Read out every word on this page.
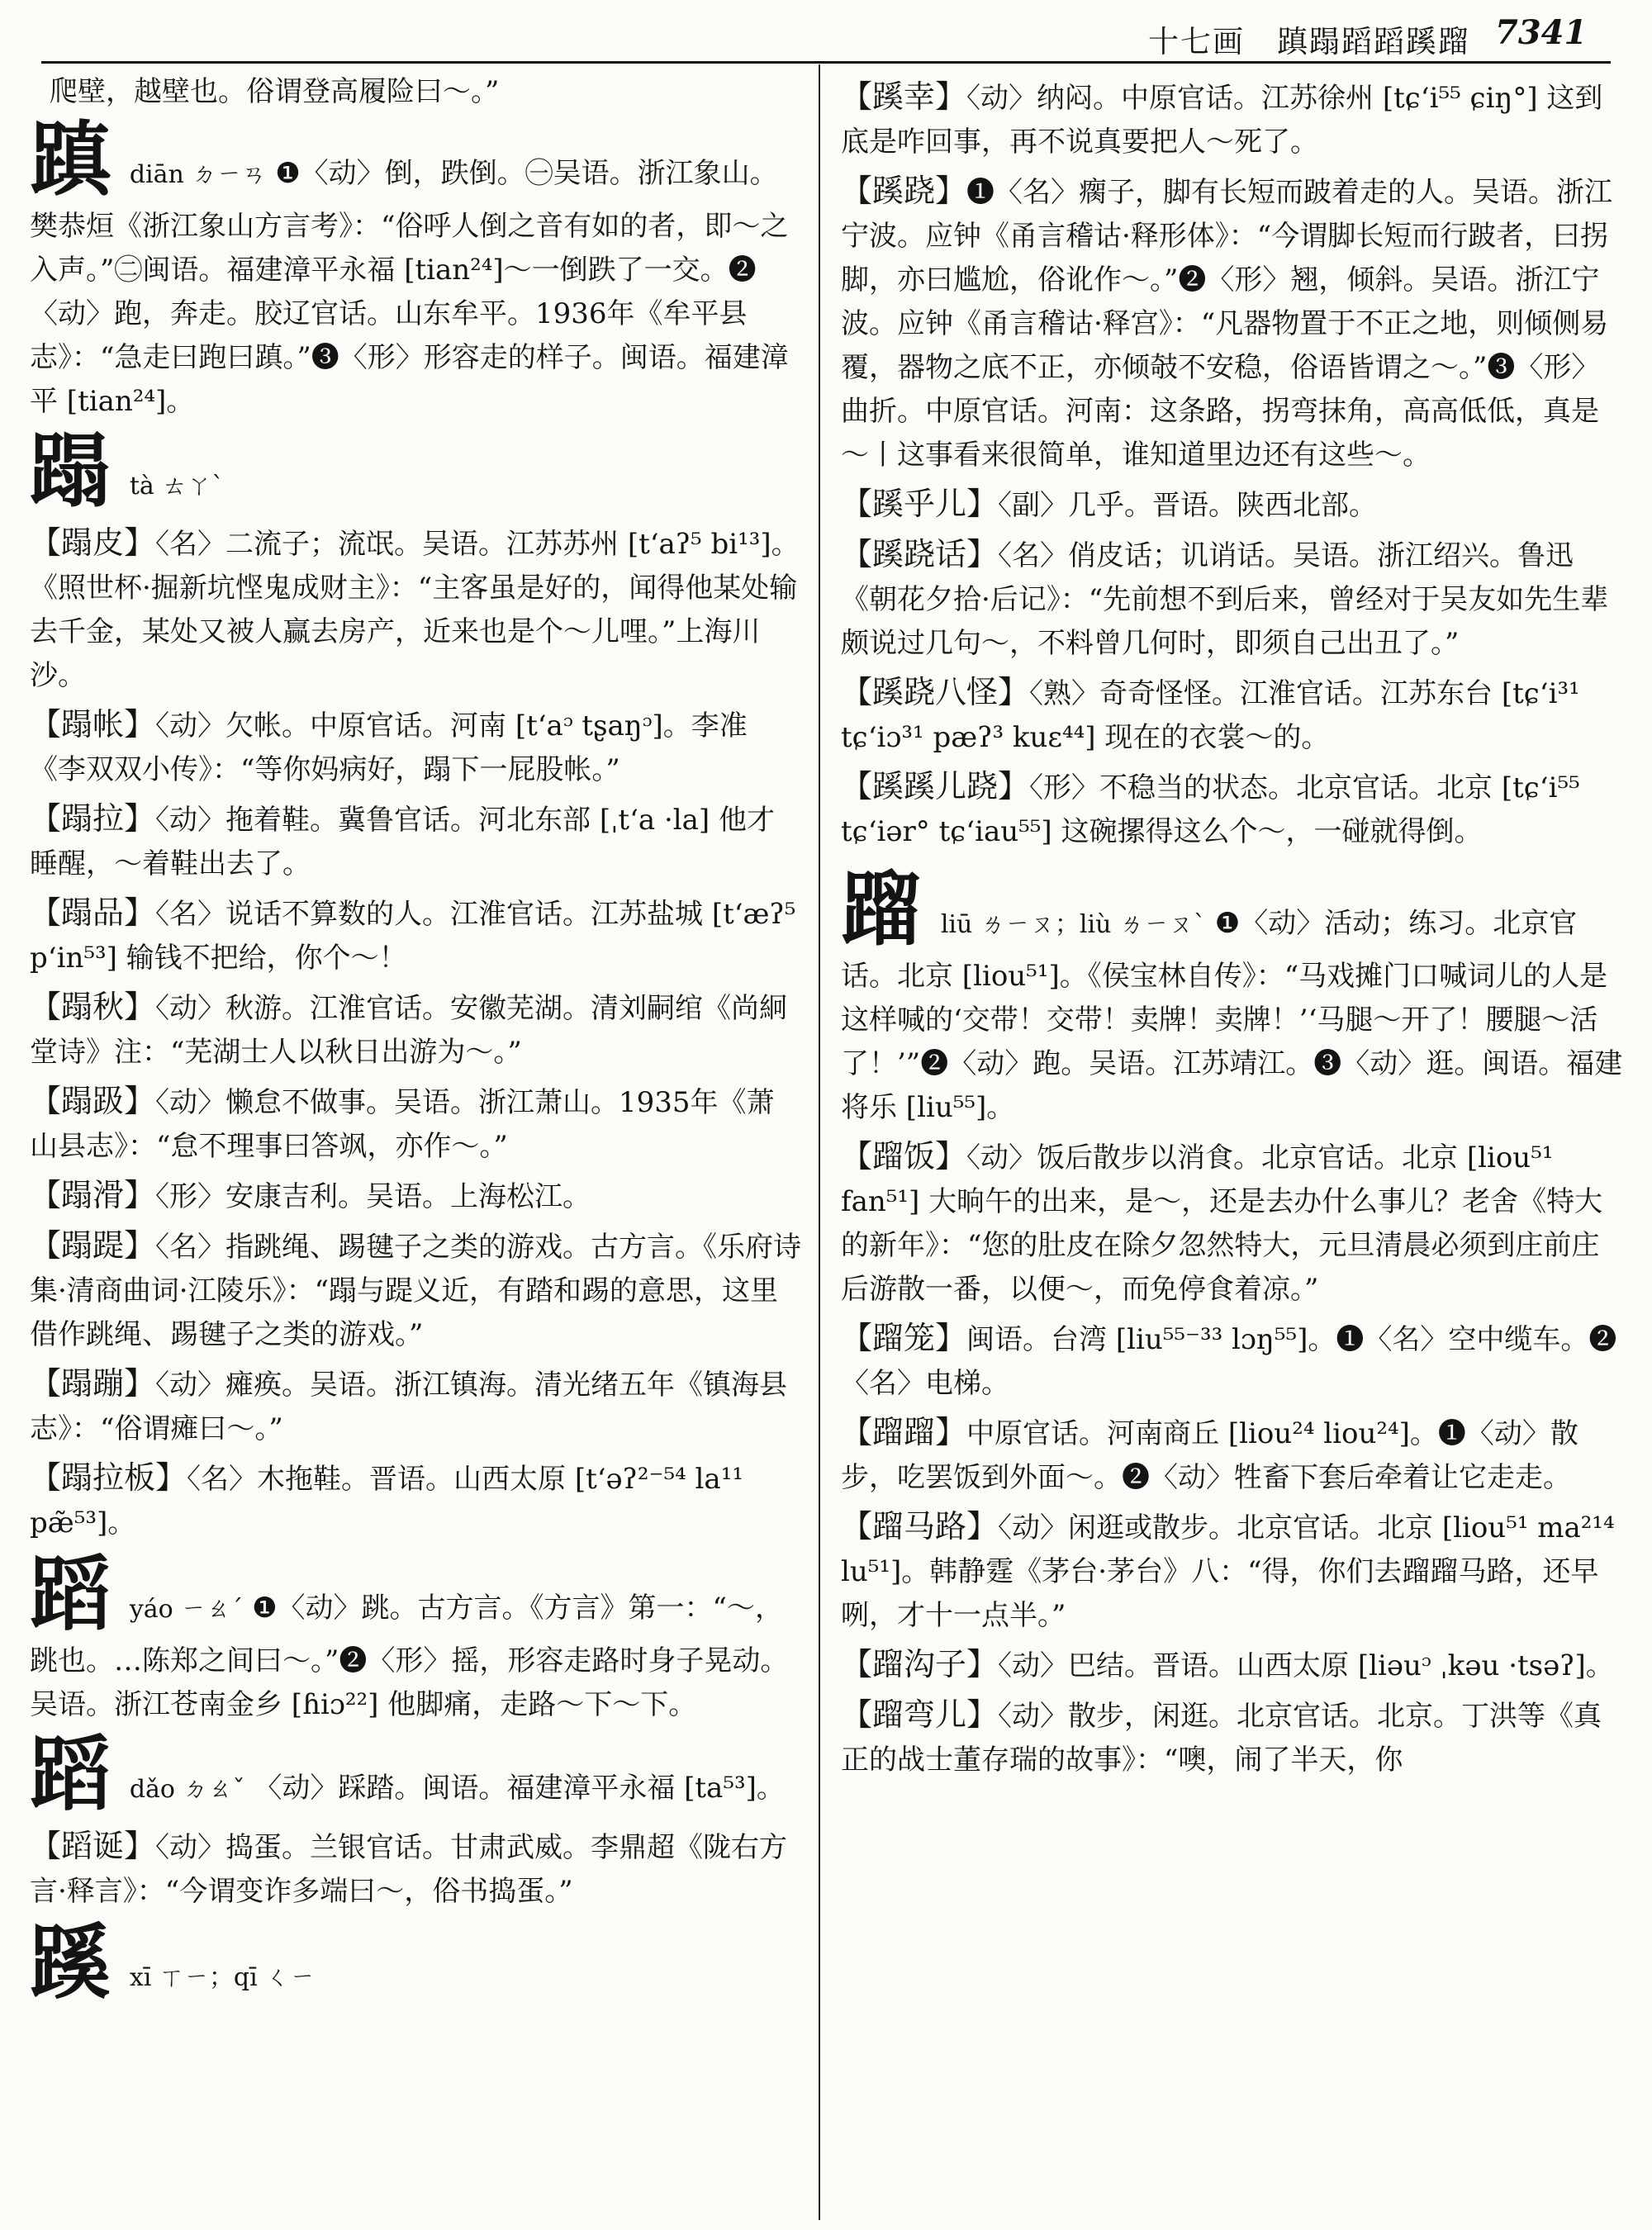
十七画　蹎蹋蹈蹈蹊蹓 7341

爬壁，越壁也。俗谓登高履险曰～。”

蹎 diān ㄉㄧㄢ ❶〈动〉倒，跌倒。㊀吴语。浙江象山。樊恭烜《浙江象山方言考》：“俗呼人倒之音有如的者，即～之入声。”㊁闽语。福建漳平永福 [tian²⁴]～一倒跌了一交。❷〈动〉跑，奔走。胶辽官话。山东牟平。1936年《牟平县志》：“急走曰跑曰蹎。”❸〈形〉形容走的样子。闽语。福建漳平 [tian²⁴]。
蹋 tà ㄊㄚˋ
【蹋皮】〈名〉二流子；流氓。吴语。江苏苏州 [tʻaʔ⁵ bi¹³]。《照世杯·掘新坑悭鬼成财主》：“主客虽是好的，闻得他某处输去千金，某处又被人赢去房产，近来也是个～儿哩。”上海川沙。
【蹋帐】〈动〉欠帐。中原官话。河南 [tʻaᵓ tʂaŋᵓ]。李准《李双双小传》：“等你妈病好，蹋下一屁股帐。”
【蹋拉】〈动〉拖着鞋。冀鲁官话。河北东部 [ˌtʻa ·la] 他才睡醒，～着鞋出去了。
【蹋品】〈名〉说话不算数的人。江淮官话。江苏盐城 [tʻæʔ⁵ pʻin⁵³] 输钱不把给，你个～！
【蹋秋】〈动〉秋游。江淮官话。安徽芜湖。清刘嗣绾《尚絅堂诗》注：“芜湖士人以秋日出游为～。”
【蹋趿】〈动〉懒怠不做事。吴语。浙江萧山。1935年《萧山县志》：“怠不理事曰答飒，亦作～。”
【蹋滑】〈形〉安康吉利。吴语。上海松江。
【蹋踶】〈名〉指跳绳、踢毽子之类的游戏。古方言。《乐府诗集·清商曲词·江陵乐》：“蹋与踶义近，有踏和踢的意思，这里借作跳绳、踢毽子之类的游戏。”
【蹋蹦】〈动〉瘫痪。吴语。浙江镇海。清光绪五年《镇海县志》：“俗谓瘫曰～。”
【蹋拉板】〈名〉木拖鞋。晋语。山西太原 [tʻəʔ²⁻⁵⁴ la¹¹ pæ̃⁵³]。
蹈 yáo ㄧㄠˊ ❶〈动〉跳。古方言。《方言》第一：“～，跳也。…陈郑之间曰～。”❷〈形〉摇，形容走路时身子晃动。吴语。浙江苍南金乡 [ɦiɔ²²] 他脚痛，走路～下～下。
蹈 dǎo ㄉㄠˇ 〈动〉踩踏。闽语。福建漳平永福 [ta⁵³]。
【蹈诞】〈动〉捣蛋。兰银官话。甘肃武威。李鼎超《陇右方言·释言》：“今谓变诈多端曰～，俗书捣蛋。”
蹊 xī ㄒㄧ；qī ㄑㄧ
【蹊幸】〈动〉纳闷。中原官话。江苏徐州 [tɕʻi⁵⁵ ɕiŋ°] 这到底是咋回事，再不说真要把人～死了。
【蹊跷】❶〈名〉瘸子，脚有长短而跛着走的人。吴语。浙江宁波。应钟《甬言稽诂·释形体》：“今谓脚长短而行跛者，曰拐脚，亦曰尴尬，俗讹作～。”❷〈形〉翘，倾斜。吴语。浙江宁波。应钟《甬言稽诂·释宫》：“凡器物置于不正之地，则倾侧易覆，器物之底不正，亦倾攲不安稳，俗语皆谓之～。”❸〈形〉曲折。中原官话。河南：这条路，拐弯抹角，高高低低，真是～丨这事看来很简单，谁知道里边还有这些～。
【蹊乎儿】〈副〉几乎。晋语。陕西北部。
【蹊跷话】〈名〉俏皮话；讥诮话。吴语。浙江绍兴。鲁迅《朝花夕拾·后记》：“先前想不到后来，曾经对于吴友如先生辈颇说过几句～，不料曾几何时，即须自己出丑了。”
【蹊跷八怪】〈熟〉奇奇怪怪。江淮官话。江苏东台 [tɕʻi³¹ tɕʻiɔ³¹ pæʔ³ kuɛ⁴⁴] 现在的衣裳～的。
【蹊蹊儿跷】〈形〉不稳当的状态。北京官话。北京 [tɕʻi⁵⁵ tɕʻiər° tɕʻiau⁵⁵] 这碗摞得这么个～，一碰就得倒。
蹓 liū ㄌㄧㄡ；liù ㄌㄧㄡˋ ❶〈动〉活动；练习。北京官话。北京 [liou⁵¹]。《侯宝林自传》：“马戏摊门口喊词儿的人是这样喊的‘交带！交带！卖牌！卖牌！’‘马腿～开了！腰腿～活了！’”❷〈动〉跑。吴语。江苏靖江。❸〈动〉逛。闽语。福建将乐 [liu⁵⁵]。
【蹓饭】〈动〉饭后散步以消食。北京官话。北京 [liou⁵¹ fan⁵¹] 大晌午的出来，是～，还是去办什么事儿？老舍《特大的新年》：“您的肚皮在除夕忽然特大，元旦清晨必须到庄前庄后游散一番，以便～，而免停食着凉。”
【蹓笼】闽语。台湾 [liu⁵⁵⁻³³ lɔŋ⁵⁵]。❶〈名〉空中缆车。❷〈名〉电梯。
【蹓蹓】中原官话。河南商丘 [liou²⁴ liou²⁴]。❶〈动〉散步，吃罢饭到外面～。❷〈动〉牲畜下套后牵着让它走走。
【蹓马路】〈动〉闲逛或散步。北京官话。北京 [liou⁵¹ ma²¹⁴ lu⁵¹]。韩静霆《茅台·茅台》八：“得，你们去蹓蹓马路，还早咧，才十一点半。”
【蹓沟子】〈动〉巴结。晋语。山西太原 [liəuᵓ ˌkəu ·tsəʔ]。
【蹓弯儿】〈动〉散步，闲逛。北京官话。北京。丁洪等《真正的战士董存瑞的故事》：“噢，闹了半天，你
